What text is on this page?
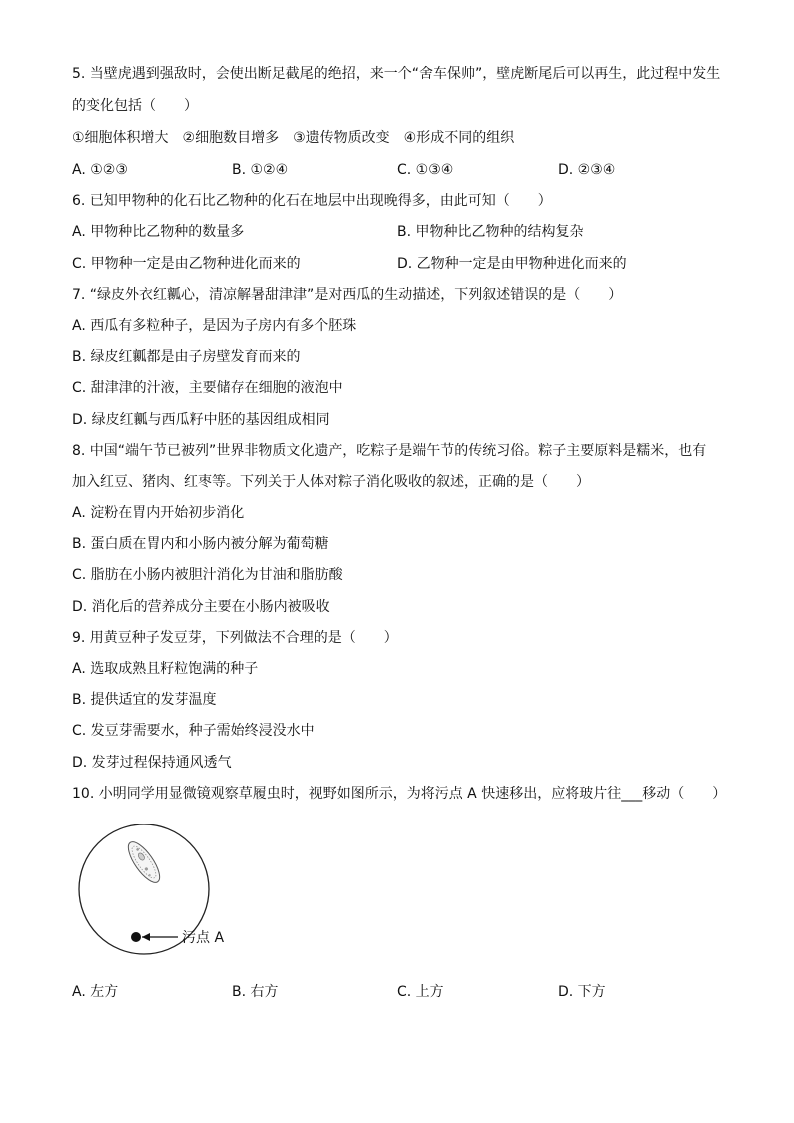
5. 当壁虎遇到强敌时，会使出断足截尾的绝招，来一个“舍车保帅”，壁虎断尾后可以再生，此过程中发生
的变化包括（　　）
①细胞体积增大　②细胞数目增多　③遗传物质改变　④形成不同的组织
A. ①②③	B. ①②④	C. ①③④	D. ②③④
6. 已知甲物种的化石比乙物种的化石在地层中出现晚得多，由此可知（　　）
A. 甲物种比乙物种的数量多	B. 甲物种比乙物种的结构复杂
C. 甲物种一定是由乙物种进化而来的	D. 乙物种一定是由甲物种进化而来的
7. “绿皮外衣红瓤心，清凉解暑甜津津”是对西瓜的生动描述，下列叙述错误的是（　　）
A. 西瓜有多粒种子，是因为子房内有多个胚珠
B. 绿皮红瓤都是由子房壁发育而来的
C. 甜津津的汁液，主要储存在细胞的液泡中
D. 绿皮红瓤与西瓜籽中胚的基因组成相同
8. 中国“端午节已被列”世界非物质文化遗产，吃粽子是端午节的传统习俗。粽子主要原料是糯米，也有
加入红豆、猪肉、红枣等。下列关于人体对粽子消化吸收的叙述，正确的是（　　）
A. 淀粉在胃内开始初步消化
B. 蛋白质在胃内和小肠内被分解为葡萄糖
C. 脂肪在小肠内被胆汁消化为甘油和脂肪酸
D. 消化后的营养成分主要在小肠内被吸收
9. 用黄豆种子发豆芽，下列做法不合理的是（　　）
A. 选取成熟且籽粒饱满的种子
B. 提供适宜的发芽温度
C. 发豆芽需要水，种子需始终浸没水中
D. 发芽过程保持通风透气
10. 小明同学用显微镜观察草履虫时，视野如图所示，为将污点 A 快速移出，应将玻片往___移动（　　）
污点 A
A. 左方	B. 右方	C. 上方	D. 下方
